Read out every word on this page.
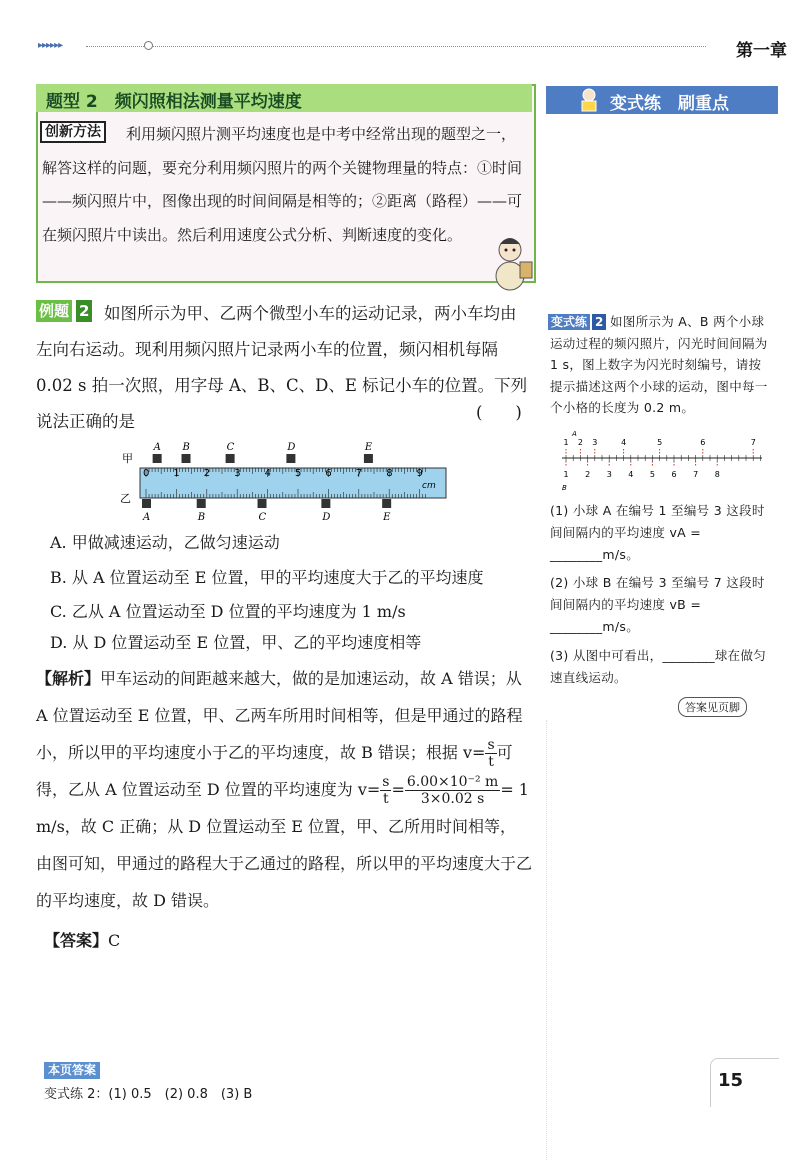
▸▸▸▸▸▸	第一章
题型 2　频闪照相法测量平均速度
利用频闪照片测平均速度也是中考中经常出现的题型之一，解答这样的问题，要充分利用频闪照片的两个关键物理量的特点：①时间——频闪照片中，图像出现的时间间隔是相等的；②距离（路程）——可在频闪照片中读出。然后利用速度公式分析、判断速度的变化。
创新方法
变式练　刷重点
如图所示为甲、乙两个微型小车的运动记录，两小车均由左向右运动。现利用频闪照片记录两小车的位置，频闪相机每隔 0.02 s 拍一次照，用字母 A、B、C、D、E 标记小车的位置。下列说法正确的是
例题 2
(　　)
0 1 2 3 4 5 6 7 8 9
A B	C	D	E
A	B	C	D	E
甲
乙
cm
A. 甲做减速运动，乙做匀速运动
B. 从 A 位置运动至 E 位置，甲的平均速度大于乙的平均速度
C. 乙从 A 位置运动至 D 位置的平均速度为 1 m/s
D. 从 D 位置运动至 E 位置，甲、乙的平均速度相等
【解析】甲车运动的间距越来越大，做的是加速运动，故 A 错误；从 A 位置运动至 E 位置，甲、乙两车所用时间相等，但是甲通过的路程小，所以甲的平均速度小于乙的平均速度，故 B 错误；根据 $v= \frac{s}{t}$ 可得，乙从 A 位置运动至 D 位置的平均速度为 $v= \frac{s}{t} = \frac{\text{6.00×10⁻² m}}{3\times 0.02 s} = 1$ m/s，故 C 正确；从 D 位置运动至 E 位置，甲、乙所用时间相等，由图可知，甲通过的路程大于乙通过的路程，所以甲的平均速度大于乙的平均速度，故 D 错误。
【答案】C
如图所示为 A、B 两个小球运动过程的频闪照片，闪光时间间隔为 1 s，图上数字为闪光时刻编号，请按提示描述这两个小球的运动，图中每一个小格的长度为 0.2 m。
变式练 2
1 2 3	4	5	6	7
1 2 3 4 5 6 7 8
A
B
(1) 小球 A 在编号 1 至编号 3 这段时间间隔内的平均速度 vA = ________m/s。
(2) 小球 B 在编号 3 至编号 7 这段时间间隔内的平均速度 vB = ________m/s。
(3) 从图中可看出，________球在做匀速直线运动。
答案见页脚
本页答案
变式练 2：(1) 0.5　(2) 0.8　(3) B
15
